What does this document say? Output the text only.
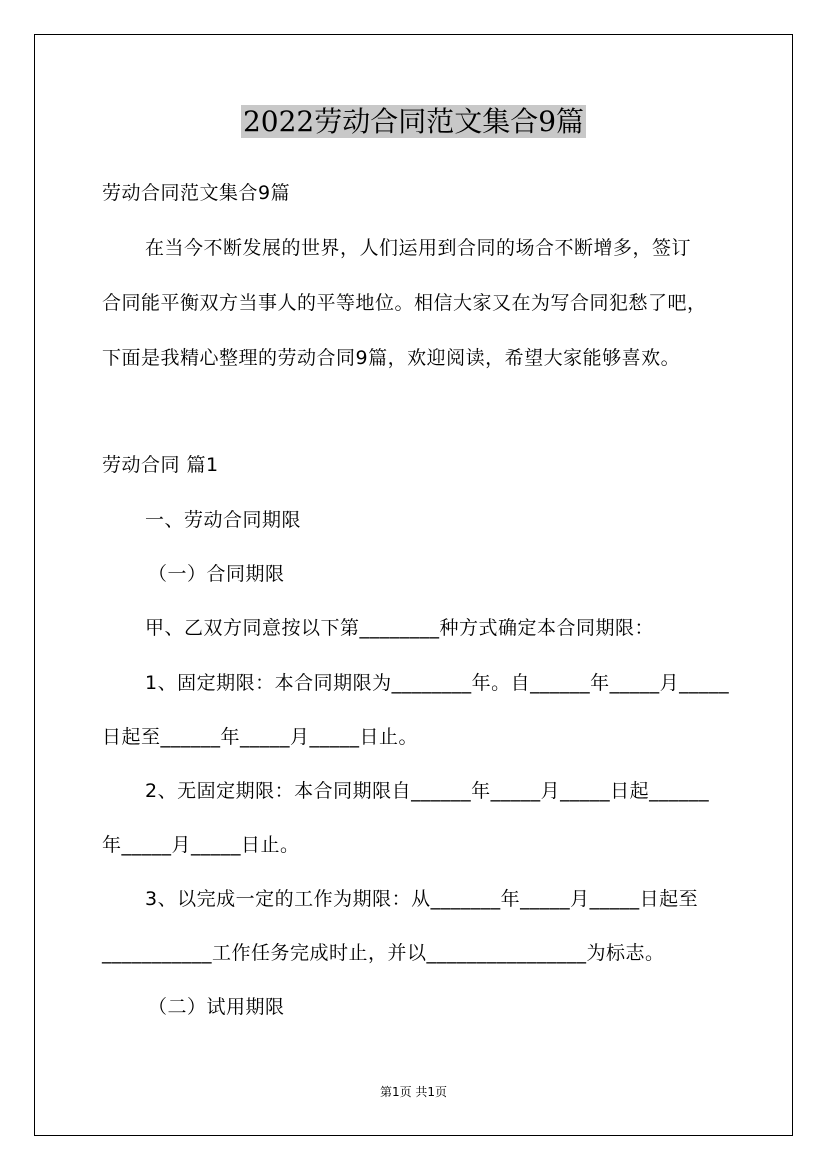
2022劳动合同范文集合9篇
劳动合同范文集合9篇
在当今不断发展的世界，人们运用到合同的场合不断增多，签订
合同能平衡双方当事人的平等地位。相信大家又在为写合同犯愁了吧，
下面是我精心整理的劳动合同9篇，欢迎阅读，希望大家能够喜欢。
劳动合同 篇1
一、劳动合同期限
（一）合同期限
甲、乙双方同意按以下第________种方式确定本合同期限：
1、固定期限：本合同期限为________年。自______年_____月_____
日起至______年_____月_____日止。
2、无固定期限：本合同期限自______年_____月_____日起______
年_____月_____日止。
3、以完成一定的工作为期限：从_______年_____月_____日起至
___________工作任务完成时止，并以________________为标志。
（二）试用期限
第1页 共1页
